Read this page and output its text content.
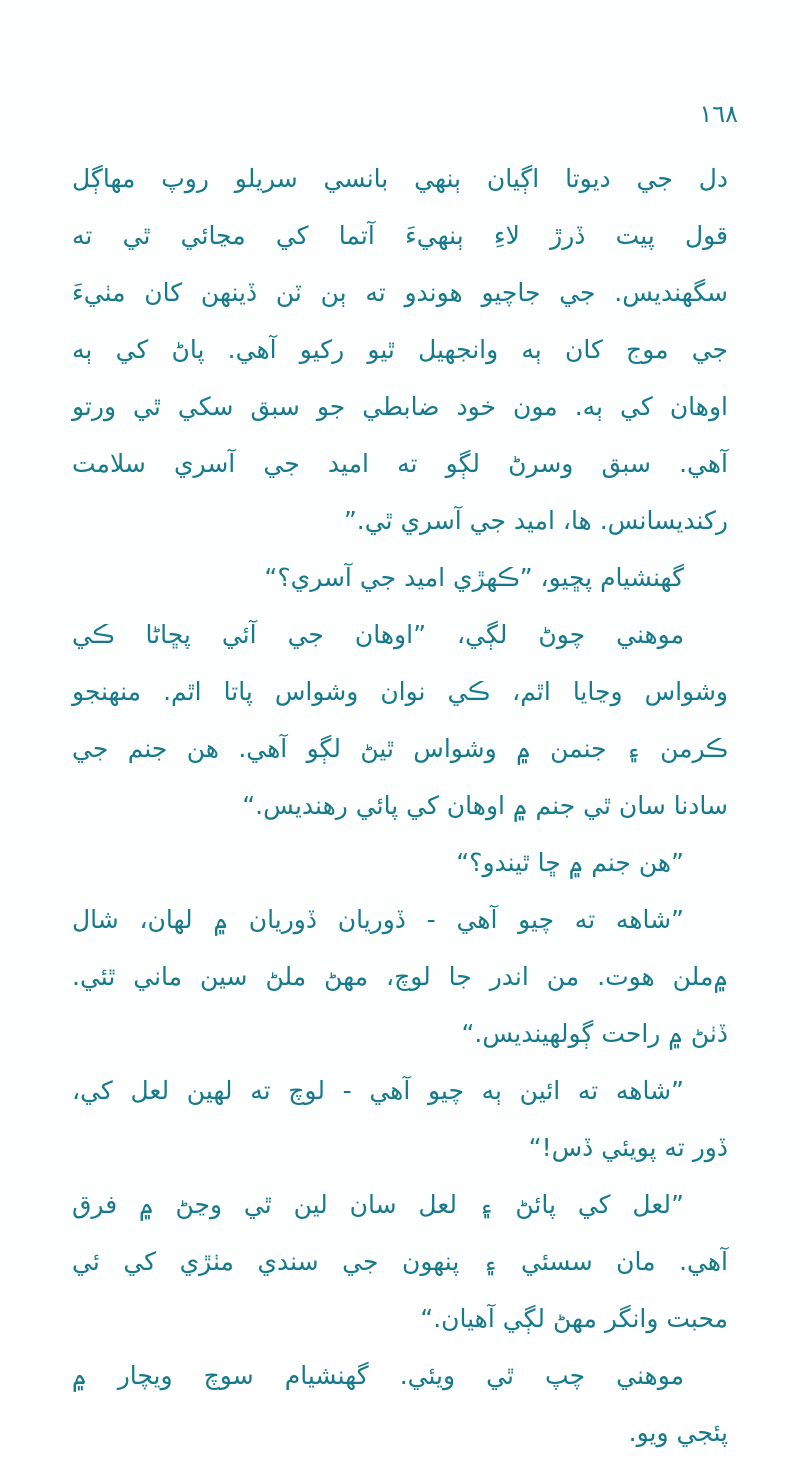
١٦٨
دل جي ديوتا اڳيان ٻنهي بانسي سريلو روپ مهاڳل
قول پيت ڏرڙ لاءِ ٻنهيءَ آتما کي مڃائي ٿي ته
سگهنديس. جي جاچيو هوندو ته ٻن ٽن ڏينهن کان مٺيءَ
جي موج کان ٻه وانجهيل ٿيو رکيو آهي. پاڻ کي ٻه
اوهان کي ٻه. مون خود ضابطي جو سبق سکي ٿي ورتو
آهي. سبق وسرڻ لڳو ته اميد جي آسري سلامت
رکنديسانس. ها، اميد جي آسري ٿي.”
گهنشيام پڇيو، ”ڪهڙي اميد جي آسري؟“
موهني چوڻ لڳي، ”اوهان جي آئي پڇاڻا ڪي
وشواس وڃايا اٿم، ڪي نوان وشواس پاتا اٿم. منهنجو
ڪرمن ۽ جنمن ۾ وشواس ٿيڻ لڳو آهي. هن جنم جي
سادنا سان ٿي جنم ۾ اوهان کي پائي رهنديس.“
”هن جنم ۾ ڇا ٿيندو؟“
”شاهه ته چيو آهي - ڏوريان ڏوريان ۾ لهان، شال
۾ملن هوت. من اندر جا لوچ، مهڻ ملڻ سين ماني ٿئي.
ڏٺڻ ۾ راحت ڳولهينديس.“
”شاهه ته ائين ٻه چيو آهي - لوچ ته لهين لعل کي،
ڏور ته پويئي ڏس!“
”لعل کي پائڻ ۽ لعل سان لين ٿي وڃڻ ۾ فرق
آهي. مان سسئي ۽ پنهون جي سندي مٺڙي کي ئي
محبت وانگر مهڻ لڳي آهيان.“
موهني چپ ٿي ويئي. گهنشيام سوچ ويچار ۾
پئجي ويو.
